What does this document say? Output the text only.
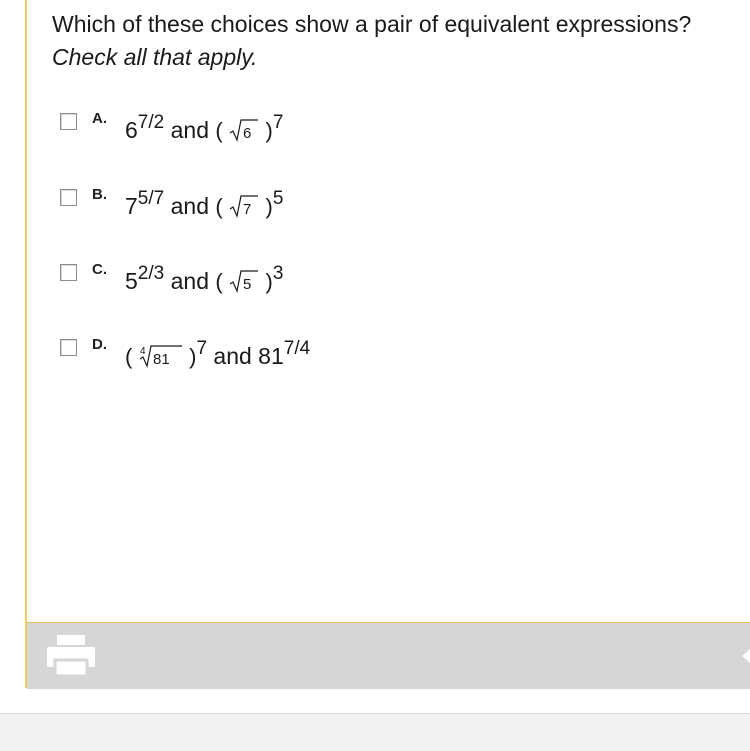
Which of these choices show a pair of equivalent expressions? Check all that apply.
A. $6^{7/2}$ and ( 6 )$^7$
B. $7^{5/7}$ and ( 7 )$^5$
C. $5^{2/3}$ and ( 5 )$^3$
D. ( 4 81 )$^7$ and $81^{7/4}$
